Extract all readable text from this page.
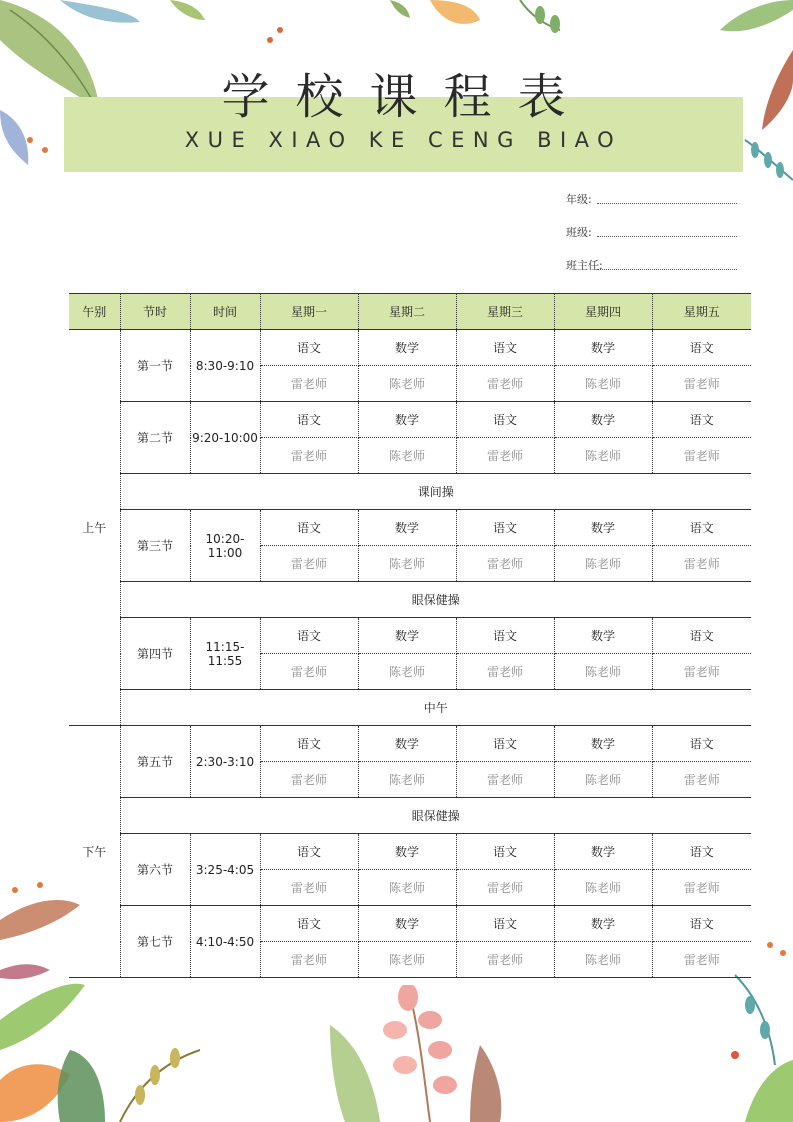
学校课程表
XUE XIAO KE CENG BIAO
年级:
班级:
班主任:
午别	节时	时间	星期一	星期二	星期三	星期四	星期五
上午	第一节	8:30-9:10	语文	数学	语文	数学	语文
			雷老师	陈老师	雷老师	陈老师	雷老师
	第二节	9:20-10:00	语文	数学	语文	数学	语文
			雷老师	陈老师	雷老师	陈老师	雷老师
	课间操						
	第三节	10:20-11:00	语文	数学	语文	数学	语文
			雷老师	陈老师	雷老师	陈老师	雷老师
	眼保健操						
	第四节	11:15-11:55	语文	数学	语文	数学	语文
			雷老师	陈老师	雷老师	陈老师	雷老师
	中午						
下午	第五节	2:30-3:10	语文	数学	语文	数学	语文
			雷老师	陈老师	雷老师	陈老师	雷老师
	眼保健操						
	第六节	3:25-4:05	语文	数学	语文	数学	语文
			雷老师	陈老师	雷老师	陈老师	雷老师
	第七节	4:10-4:50	语文	数学	语文	数学	语文
			雷老师	陈老师	雷老师	陈老师	雷老师
